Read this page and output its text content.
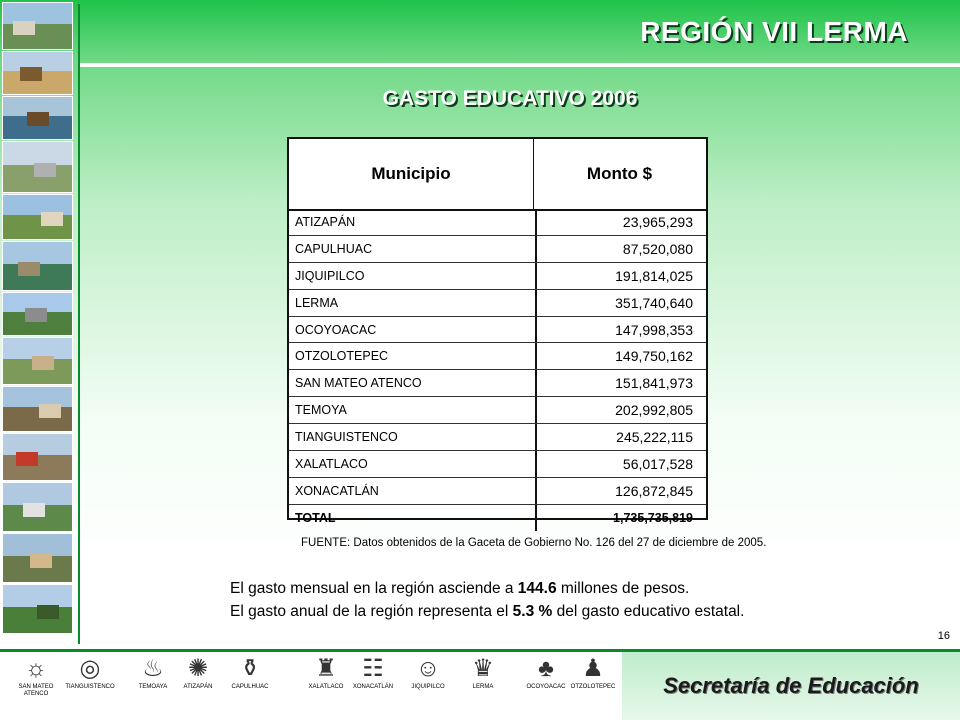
REGIÓN VII LERMA
GASTO EDUCATIVO 2006
Municipio	Monto $
ATIZAPÁN	23,965,293
CAPULHUAC	87,520,080
JIQUIPILCO	191,814,025
LERMA	351,740,640
OCOYOACAC	147,998,353
OTZOLOTEPEC	149,750,162
SAN MATEO ATENCO	151,841,973
TEMOYA	202,992,805
TIANGUISTENCO	245,222,115
XALATLACO	56,017,528
XONACATLÁN	126,872,845
TOTAL	1,735,735,819
FUENTE: Datos obtenidos de la Gaceta de Gobierno No. 126 del 27 de diciembre de 2005.
El gasto mensual en la región asciende a 144.6 millones de pesos.
El gasto anual de la región representa el 5.3 % del gasto educativo estatal.
16
☼
SAN MATEO ATENCO
◎
TIANGUISTENCO
♨
TEMOAYA
✺
ATIZAPÁN
⚱
CAPULHUAC
♜
XALATLACO
☷
XONACATLÁN
☺
JIQUIPILCO
♛
LERMA
♣
OCOYOACAC
♟
OTZOLOTEPEC Secretaría de Educación
